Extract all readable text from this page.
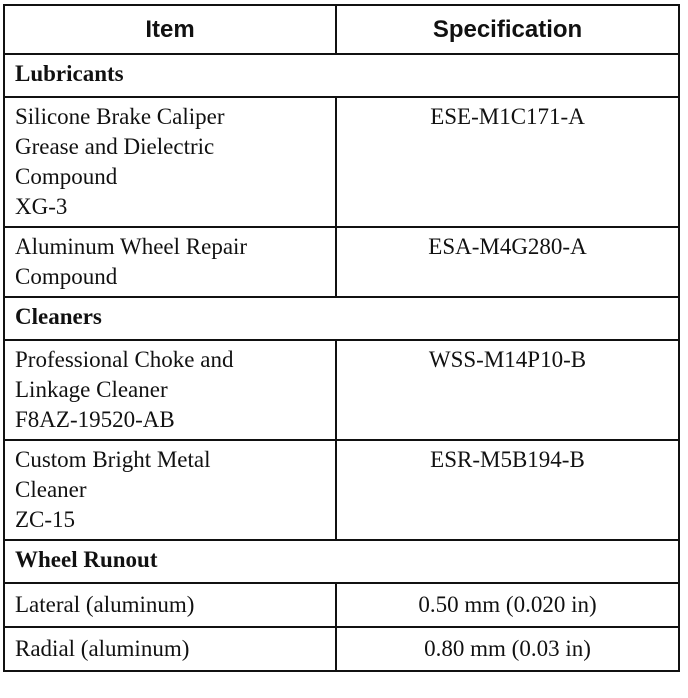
Item	Specification
Lubricants	

Silicone Brake Caliper
Grease and Dielectric
Compound
XG-3	ESE-M1C171-A

Aluminum Wheel Repair
Compound	ESA-M4G280-A
Cleaners	

Professional Choke and
Linkage Cleaner
F8AZ-19520-AB	WSS-M14P10-B

Custom Bright Metal
Cleaner
ZC-15	ESR-M5B194-B
Wheel Runout	

Lateral (aluminum)	0.50 mm (0.020 in)

Radial (aluminum)	0.80 mm (0.03 in)
